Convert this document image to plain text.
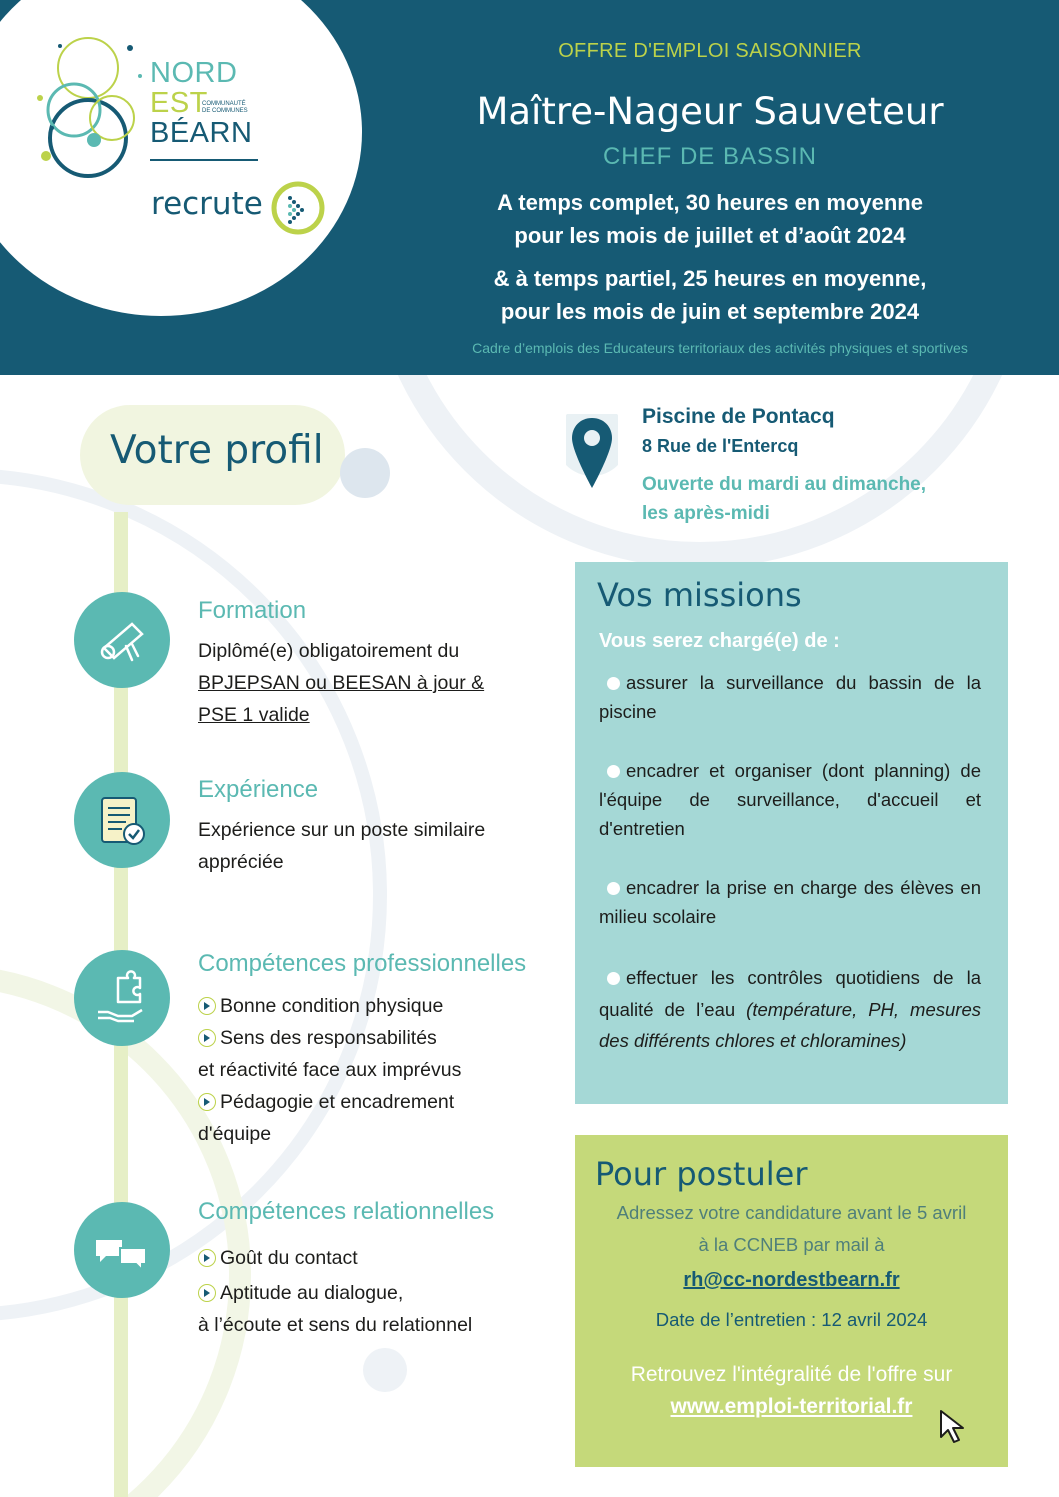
NORD
EST
BÉARN
COMMUNAUTÉ
DE COMMUNES
recrute
OFFRE D'EMPLOI SAISONNIER
Maître-Nageur Sauveteur
CHEF DE BASSIN
A temps complet, 30 heures en moyenne
pour les mois de juillet et d’août 2024
& à temps partiel, 25 heures en moyenne,
pour les mois de juin et septembre 2024
Cadre d’emplois des Educateurs territoriaux des activités physiques et sportives
Votre profil
Formation
Diplômé(e) obligatoirement du
BPJEPSAN ou BEESAN à jour &
PSE 1 valide
Expérience
Expérience sur un poste similaire
appréciée
Compétences professionnelles
Bonne condition physique
Sens des responsabilités
et réactivité face aux imprévus
Pédagogie et encadrement
d'équipe
Compétences relationnelles
Goût du contact
Aptitude au dialogue,
à l’écoute et sens du relationnel
Piscine de Pontacq
8 Rue de l'Entercq
Ouverte du mardi au dimanche,
les après-midi
Vos missions
Vous serez chargé(e) de :
assurer la surveillance du bassin de la piscine
encadrer et organiser (dont planning) de l'équipe de surveillance, d'accueil et d'entretien
encadrer la prise en charge des élèves en milieu scolaire
effectuer les contrôles quotidiens de la qualité de l’eau (température, PH, mesures des différents chlores et chloramines)
Pour postuler
Adressez votre candidature avant le 5 avril
à la CCNEB par mail à
rh@cc-nordestbearn.fr
Date de l’entretien : 12 avril 2024
Retrouvez l'intégralité de l'offre sur
www.emploi-territorial.fr
